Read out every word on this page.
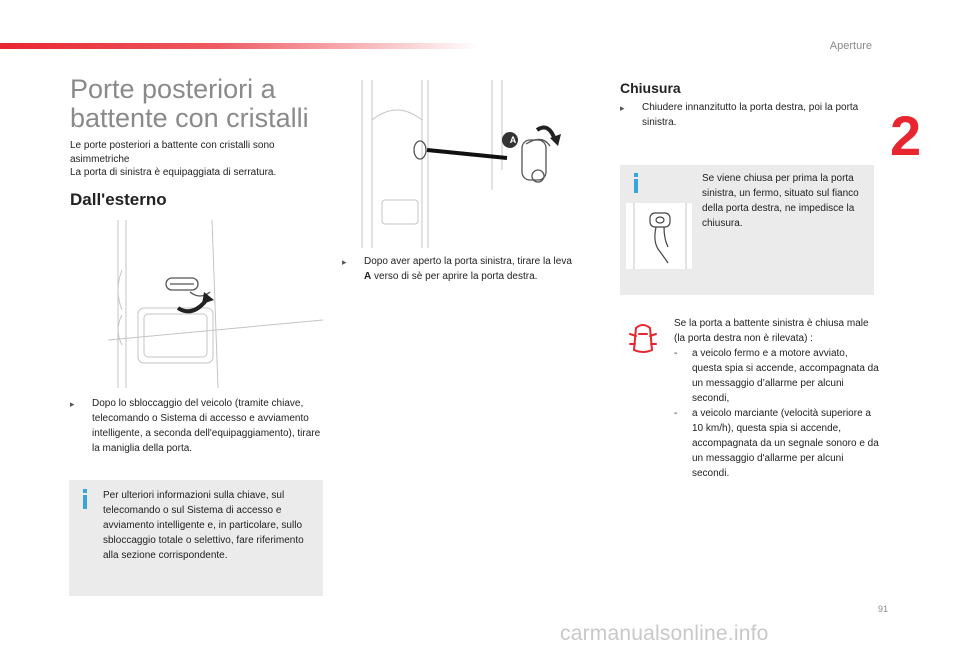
Aperture
2
Porte posteriori a
battente con cristalli
Le porte posteriori a battente con cristalli sono asimmetriche
La porta di sinistra è equipaggiata di serratura.
Dall'esterno
▸	Dopo lo sbloccaggio del veicolo (tramite chiave, telecomando o Sistema di accesso e avviamento intelligente, a seconda dell'equipaggiamento), tirare la maniglia della porta.
Per ulteriori informazioni sulla chiave, sul telecomando o sul Sistema di accesso e avviamento intelligente e, in particolare, sullo sbloccaggio totale o selettivo, fare riferimento alla sezione corrispondente.
A
▸	Dopo aver aperto la porta sinistra, tirare la leva A verso di sè per aprire la porta destra.
Chiusura
▸	Chiudere innanzitutto la porta destra, poi la porta sinistra.
Se viene chiusa per prima la porta sinistra, un fermo, situato sul fianco della porta destra, ne impedisce la chiusura.
Se la porta a battente sinistra è chiusa male (la porta destra non è rilevata) :
-	a veicolo fermo e a motore avviato, questa spia si accende, accompagnata da un messaggio d’allarme per alcuni secondi,
-	a veicolo marciante (velocità superiore a 10 km/h), questa spia si accende, accompagnata da un segnale sonoro e da un messaggio d'allarme per alcuni secondi.
91
carmanualsonline.info
